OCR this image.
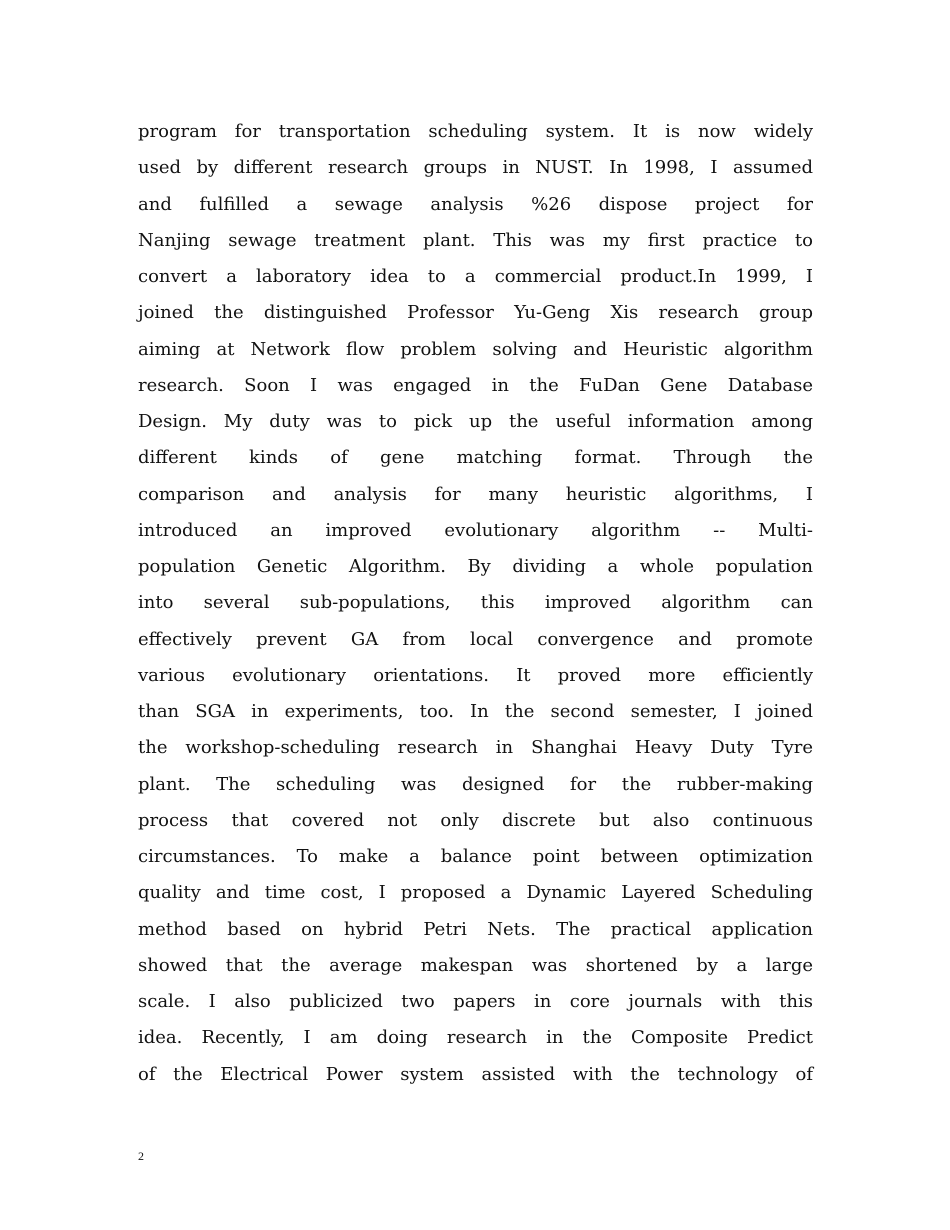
program for transportation scheduling system. It is now widely
used by different research groups in NUST. In 1998, I assumed
and fulfilled a sewage analysis %26 dispose project for
Nanjing sewage treatment plant. This was my first practice to
convert a laboratory idea to a commercial product.In 1999, I
joined the distinguished Professor Yu-Geng Xis research group
aiming at Network flow problem solving and Heuristic algorithm
research. Soon I was engaged in the FuDan Gene Database
Design. My duty was to pick up the useful information among
different kinds of gene matching format. Through the
comparison and analysis for many heuristic algorithms, I
introduced an improved evolutionary algorithm -- Multi-
population Genetic Algorithm. By dividing a whole population
into several sub-populations, this improved algorithm can
effectively prevent GA from local convergence and promote
various evolutionary orientations. It proved more efficiently
than SGA in experiments, too. In the second semester, I joined
the workshop-scheduling research in Shanghai Heavy Duty Tyre
plant. The scheduling was designed for the rubber-making
process that covered not only discrete but also continuous
circumstances. To make a balance point between optimization
quality and time cost, I proposed a Dynamic Layered Scheduling
method based on hybrid Petri Nets. The practical application
showed that the average makespan was shortened by a large
scale. I also publicized two papers in core journals with this
idea. Recently, I am doing research in the Composite Predict
of the Electrical Power system assisted with the technology of
2
